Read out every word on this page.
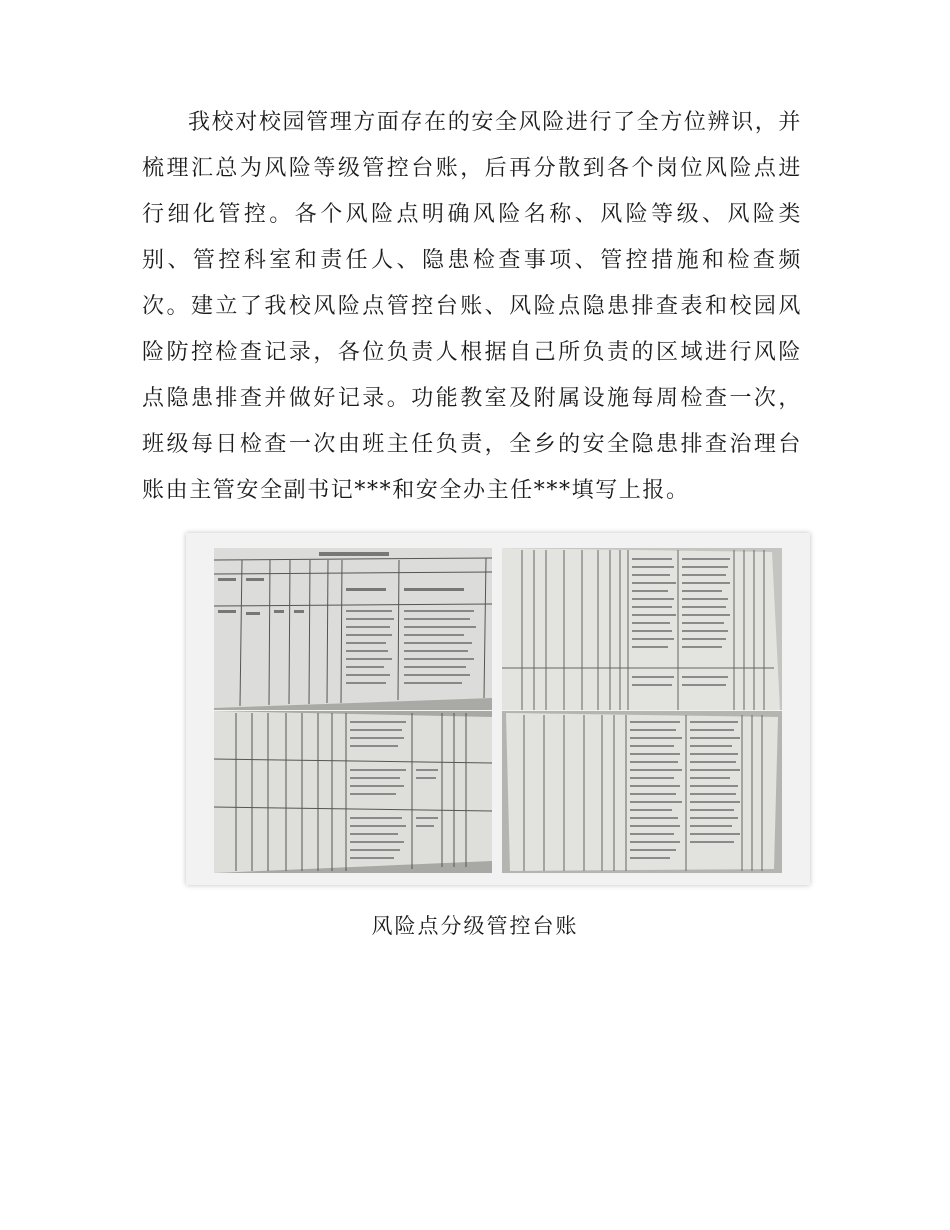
我校对校园管理方面存在的安全风险进行了全方位辨识，并梳理汇总为风险等级管控台账，后再分散到各个岗位风险点进行细化管控。各个风险点明确风险名称、风险等级、风险类别、管控科室和责任人、隐患检查事项、管控措施和检查频次。建立了我校风险点管控台账、风险点隐患排查表和校园风险防控检查记录，各位负责人根据自己所负责的区域进行风险点隐患排查并做好记录。功能教室及附属设施每周检查一次，班级每日检查一次由班主任负责，全乡的安全隐患排查治理台账由主管安全副书记***和安全办主任***填写上报。

风险点分级管控台账
